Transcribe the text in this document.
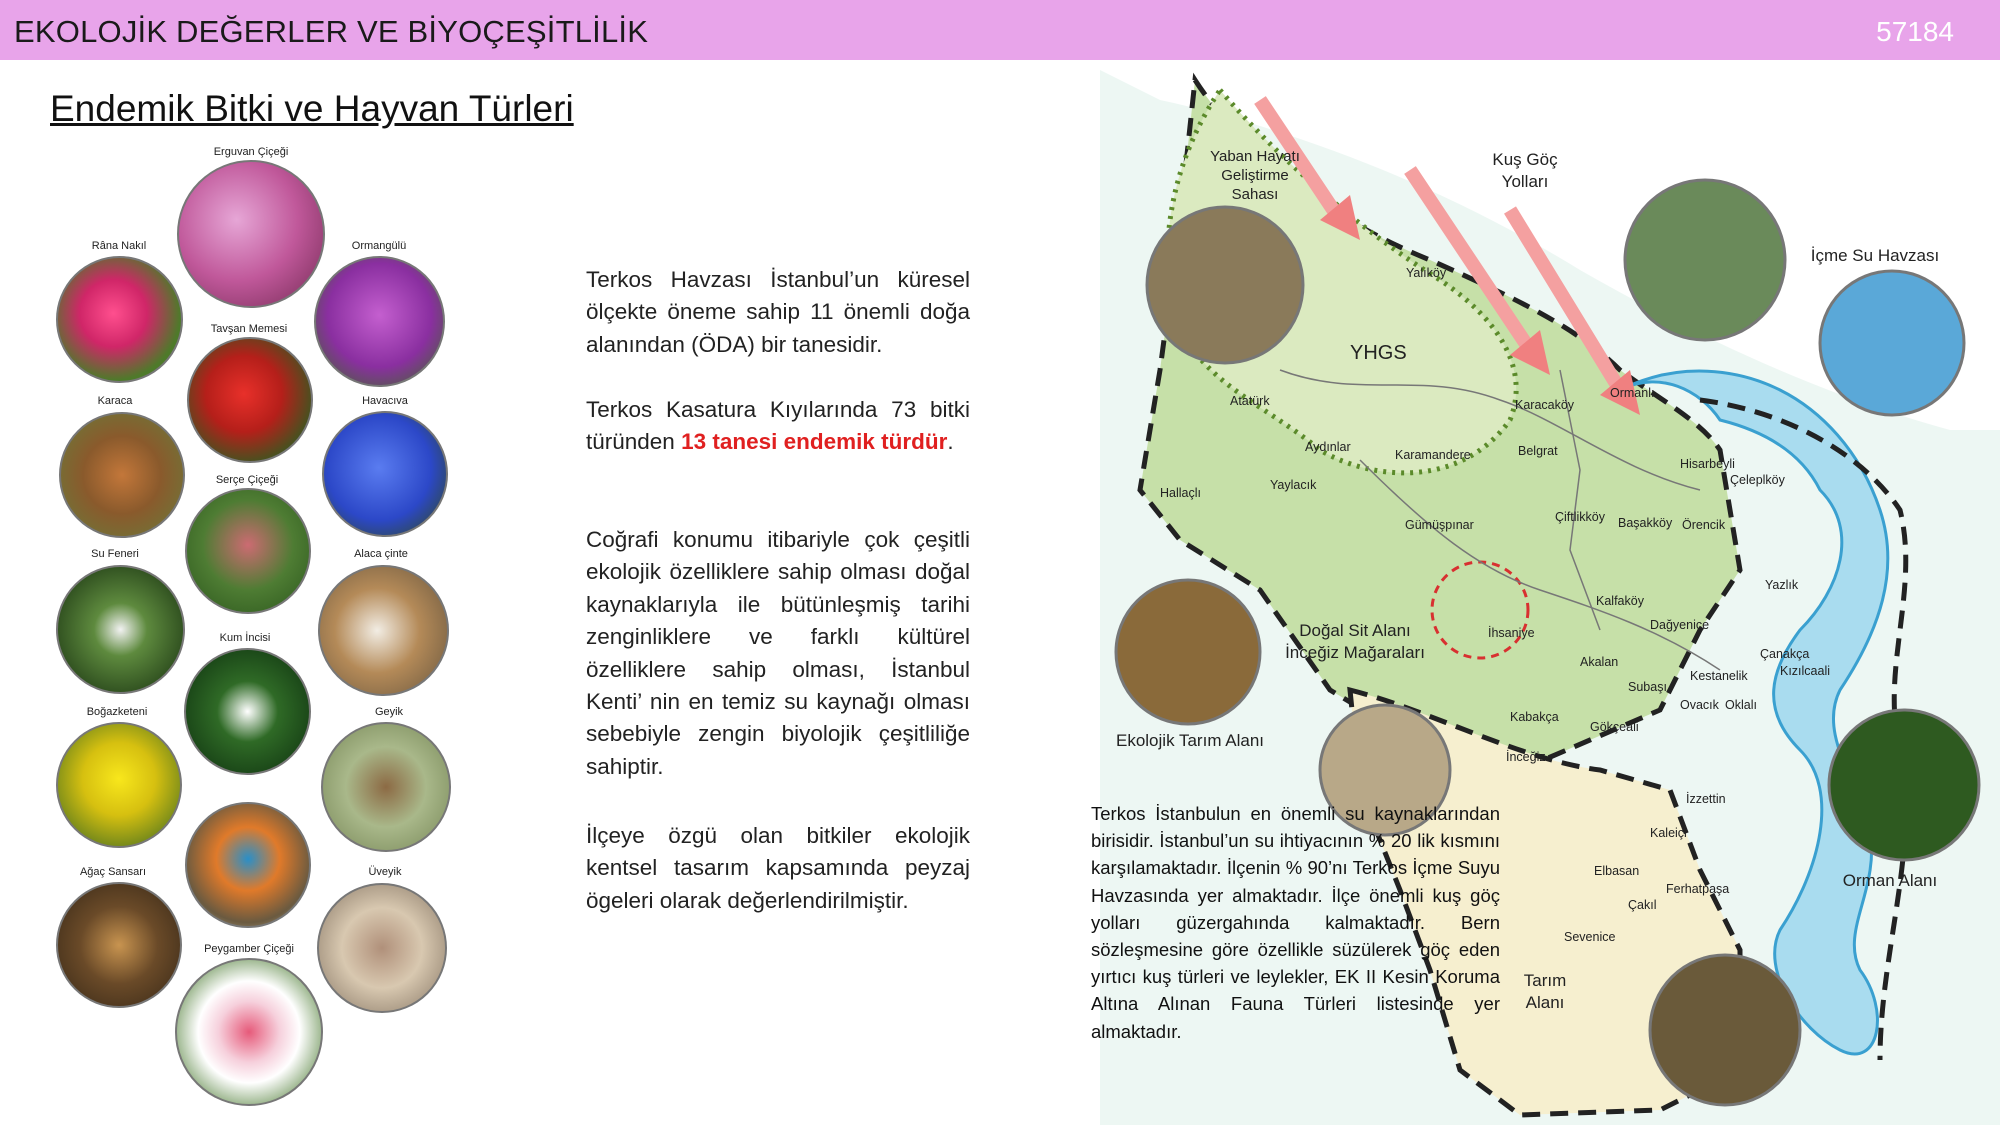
EKOLOJİK DEĞERLER VE BİYOÇEŞİTLİLİK	57184
Endemik Bitki ve Hayvan Türleri
Erguvan Çiçeği
Râna Nakıl	Ormangülü
Tavşan Memesi
Karaca	Havacıva
Serçe Çiçeği
Su Feneri	Alaca çinte
Kum İncisi
Boğazketeni	Geyik
Ağaç Sansarı	Üveyik
Peygamber Çiçeği

Terkos Havzası İstanbul’un küresel ölçekte öneme sahip 11 önemli doğa alanından (ÖDA) bir tanesidir.

Terkos Kasatura Kıyılarında 73 bitki türünden 13 tanesi endemik türdür.

Coğrafi konumu itibariyle çok çeşitli ekolojik özelliklere sahip olması doğal kaynaklarıyla ile bütünleşmiş tarihi zenginliklere ve farklı kültürel özelliklere sahip olması, İstanbul Kenti’ nin en temiz su kaynağı olması sebebiyle zengin biyolojik çeşitliliğe sahiptir.

İlçeye özgü olan bitkiler ekolojik kentsel tasarım kapsamında peyzaj ögeleri olarak değerlendirilmiştir.

Yaban Hayatı Geliştirme Sahası
Kuş Göç Yolları
İçme Su Havzası
Doğal Sit Alanı İnceğiz Mağaraları
Ekolojik Tarım Alanı
Orman Alanı
Tarım Alanı
YHGS
Yalıköy
Atatürk
Aydınlar
Karamandere
Karacaköy
Belgrat
Ormanlı
Hisarbeyli
Çeleplköy
Hallaçlı
Yaylacık
Gümüşpınar
Çiftlikköy Başakköy Örencik
Yazlık
Kalfaköy
Dağyenice
Çanakça
Kestanelik	Kızılcaali
Oklalı
Akalan
İhsaniye
Subaşı
Ovacık
Kabakça
Gökçeali
İnceğiz
İzzettin
Kaleiçi
Elbasan
Ferhatpaşa
Çakıl
Sevenice

Terkos İstanbulun en önemli su kaynaklarından birisidir. İstanbul’un su ihtiyacının % 20 lik kısmını karşılamaktadır. İlçenin % 90’nı Terkos İçme Suyu Havzasında yer almaktadır. İlçe önemli kuş göç yolları güzergahında kalmaktadır. Bern sözleşmesine göre özellikle süzülerek göç eden yırtıcı kuş türleri ve leylekler, EK II Kesin Koruma Altına Alınan Fauna Türleri listesinde yer almaktadır.
